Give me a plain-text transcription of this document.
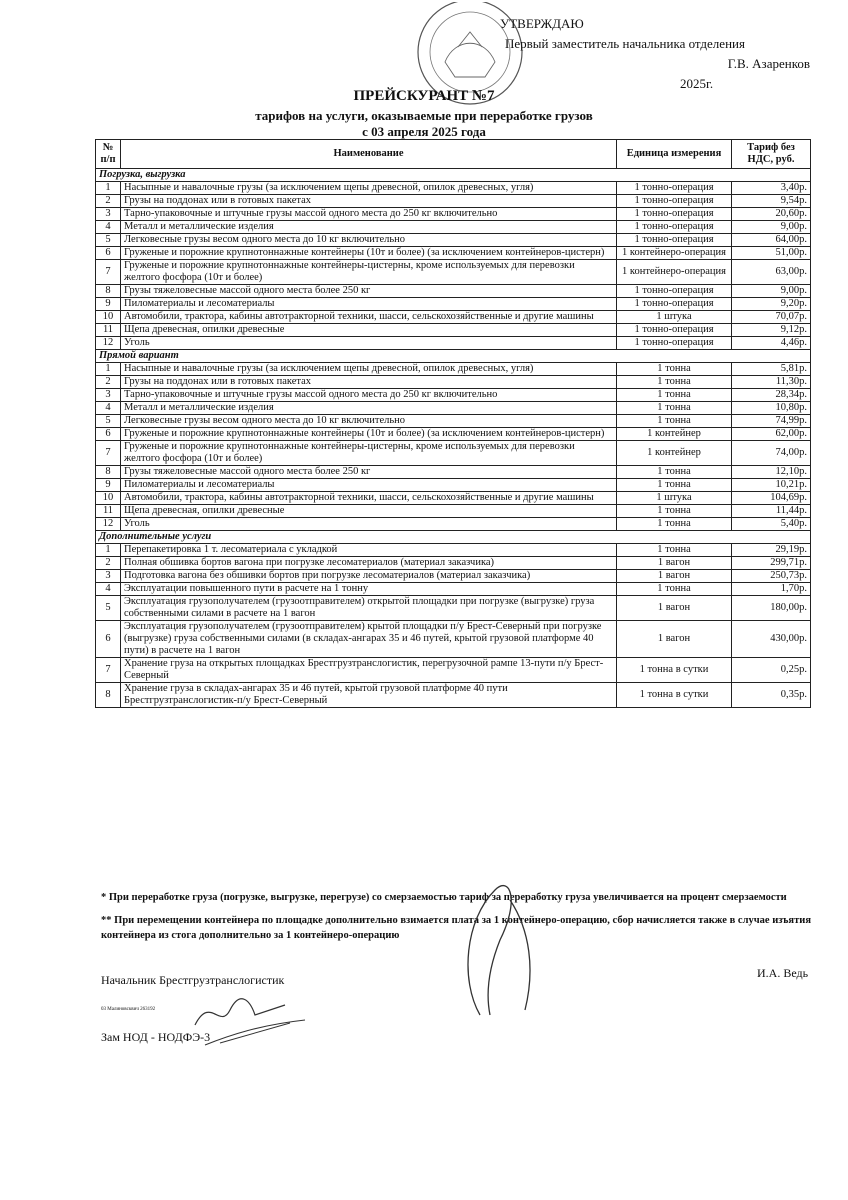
УТВЕРЖДАЮ
Первый заместитель начальника отделения
Г.В. Азаренков
2025г.
ПРЕЙСКУРАНТ №7
тарифов на услуги, оказываемые при переработке грузов
с 03 апреля 2025 года
№ п/п	Наименование	Единица измерения	Тариф без НДС, руб.
Погрузка, выгрузка			
1	Насыпные и навалочные грузы (за исключением щепы древесной, опилок древесных, угля)	1 тонно-операция	3,40р.
2	Грузы на поддонах или в готовых пакетах	1 тонно-операция	9,54р.
3	Тарно-упаковочные и штучные грузы массой одного места до 250 кг включительно	1 тонно-операция	20,60р.
4	Металл и металлические изделия	1 тонно-операция	9,00р.
5	Легковесные грузы весом одного места до 10 кг включительно	1 тонно-операция	64,00р.
6	Груженые и порожние крупнотоннажные контейнеры (10т и более) (за исключением контейнеров-цистерн)	1 контейнеро-операция	51,00р.
7	Груженые и порожние крупнотоннажные контейнеры-цистерны, кроме используемых для перевозки желтого фосфора (10т и более)	1 контейнеро-операция	63,00р.
8	Грузы тяжеловесные массой одного места более 250 кг	1 тонно-операция	9,00р.
9	Пиломатериалы и лесоматериалы	1 тонно-операция	9,20р.
10	Автомобили, трактора, кабины автотракторной техники, шасси, сельскохозяйственные и другие машины	1 штука	70,07р.
11	Щепа древесная, опилки древесные	1 тонно-операция	9,12р.
12	Уголь	1 тонно-операция	4,46р.
Прямой вариант			
1	Насыпные и навалочные грузы (за исключением щепы древесной, опилок древесных, угля)	1 тонна	5,81р.
2	Грузы на поддонах или в готовых пакетах	1 тонна	11,30р.
3	Тарно-упаковочные и штучные грузы массой одного места до 250 кг включительно	1 тонна	28,34р.
4	Металл и металлические изделия	1 тонна	10,80р.
5	Легковесные грузы весом одного места до 10 кг включительно	1 тонна	74,99р.
6	Груженые и порожние крупнотоннажные контейнеры (10т и более) (за исключением контейнеров-цистерн)	1 контейнер	62,00р.
7	Груженые и порожние крупнотоннажные контейнеры-цистерны, кроме используемых для перевозки желтого фосфора (10т и более)	1 контейнер	74,00р.
8	Грузы тяжеловесные массой одного места более 250 кг	1 тонна	12,10р.
9	Пиломатериалы и лесоматериалы	1 тонна	10,21р.
10	Автомобили, трактора, кабины автотракторной техники, шасси, сельскохозяйственные и другие машины	1 штука	104,69р.
11	Щепа древесная, опилки древесные	1 тонна	11,44р.
12	Уголь	1 тонна	5,40р.
Дополнительные услуги			
1	Перепакетировка 1 т. лесоматериала с укладкой	1 тонна	29,19р.
2	Полная обшивка бортов вагона при погрузке лесоматериалов (материал заказчика)	1 вагон	299,71р.
3	Подготовка вагона без обшивки бортов при погрузке лесоматериалов (материал заказчика)	1 вагон	250,73р.
4	Эксплуатации повышенного пути в расчете на 1 тонну	1 тонна	1,70р.
5	Эксплуатация грузополучателем (грузоотправителем) открытой площадки при погрузке (выгрузке) груза собственными силами в расчете на 1 вагон	1 вагон	180,00р.
6	Эксплуатация грузополучателем (грузоотправителем) крытой площадки п/у Брест-Северный при погрузке (выгрузке) груза собственными силами (в складах-ангарах 35 и 46 путей, крытой грузовой платформе 40 пути) в расчете на 1 вагон	1 вагон	430,00р.
7	Хранение груза на открытых площадках Брестгрузтранслогистик, перегрузочной рампе 13-пути п/у Брест-Северный	1 тонна в сутки	0,25р.
8	Хранение груза в складах-ангарах 35 и 46 путей, крытой грузовой платформе 40 пути Брестгрузтранслогистик-п/у Брест-Северный	1 тонна в сутки	0,35р.

* При переработке груза (погрузке, выгрузке, перегрузе) со смерзаемостью тариф за переработку груза увеличивается на процент смерзаемости

** При перемещении контейнера по площадке дополнительно взимается плата за 1 контейнеро-операцию, сбор начисляется также в случае изъятия контейнера из стога дополнительно за 1 контейнеро-операцию

Начальник Брестгрузтранслогистик	И.А. Ведь
03 Малиновсквич 263192
Зам НОД - НОДФЭ-3
